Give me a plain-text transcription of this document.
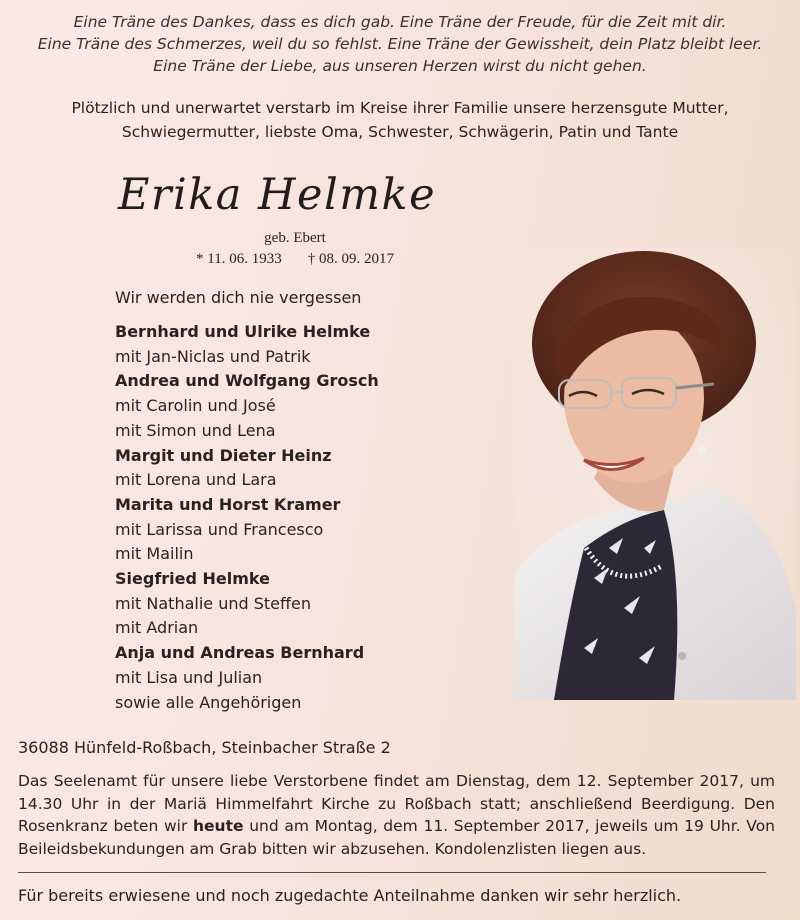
Eine Träne des Dankes, dass es dich gab. Eine Träne der Freude, für die Zeit mit dir.
Eine Träne des Schmerzes, weil du so fehlst. Eine Träne der Gewissheit, dein Platz bleibt leer.
Eine Träne der Liebe, aus unseren Herzen wirst du nicht gehen.
Plötzlich und unerwartet verstarb im Kreise ihrer Familie unsere herzensgute Mutter,
Schwiegermutter, liebste Oma, Schwester, Schwägerin, Patin und Tante
Erika Helmke
geb. Ebert
* 11. 06. 1933 † 08. 09. 2017
Wir werden dich nie vergessen
Bernhard und Ulrike Helmke
mit Jan-Niclas und Patrik
Andrea und Wolfgang Grosch
mit Carolin und José
mit Simon und Lena
Margit und Dieter Heinz
mit Lorena und Lara
Marita und Horst Kramer
mit Larissa und Francesco
mit Mailin
Siegfried Helmke
mit Nathalie und Steffen
mit Adrian
Anja und Andreas Bernhard
mit Lisa und Julian
sowie alle Angehörigen
36088 Hünfeld-Roßbach, Steinbacher Straße 2
Das Seelenamt für unsere liebe Verstorbene findet am Dienstag, dem 12. September 2017, um 14.30 Uhr in der Mariä Himmelfahrt Kirche zu Roßbach statt; anschließend Beerdigung. Den Rosenkranz beten wir heute und am Montag, dem 11. September 2017, jeweils um 19 Uhr. Von Beileidsbekundungen am Grab bitten wir abzusehen. Kondolenzlisten liegen aus.
Für bereits erwiesene und noch zugedachte Anteilnahme danken wir sehr herzlich.
